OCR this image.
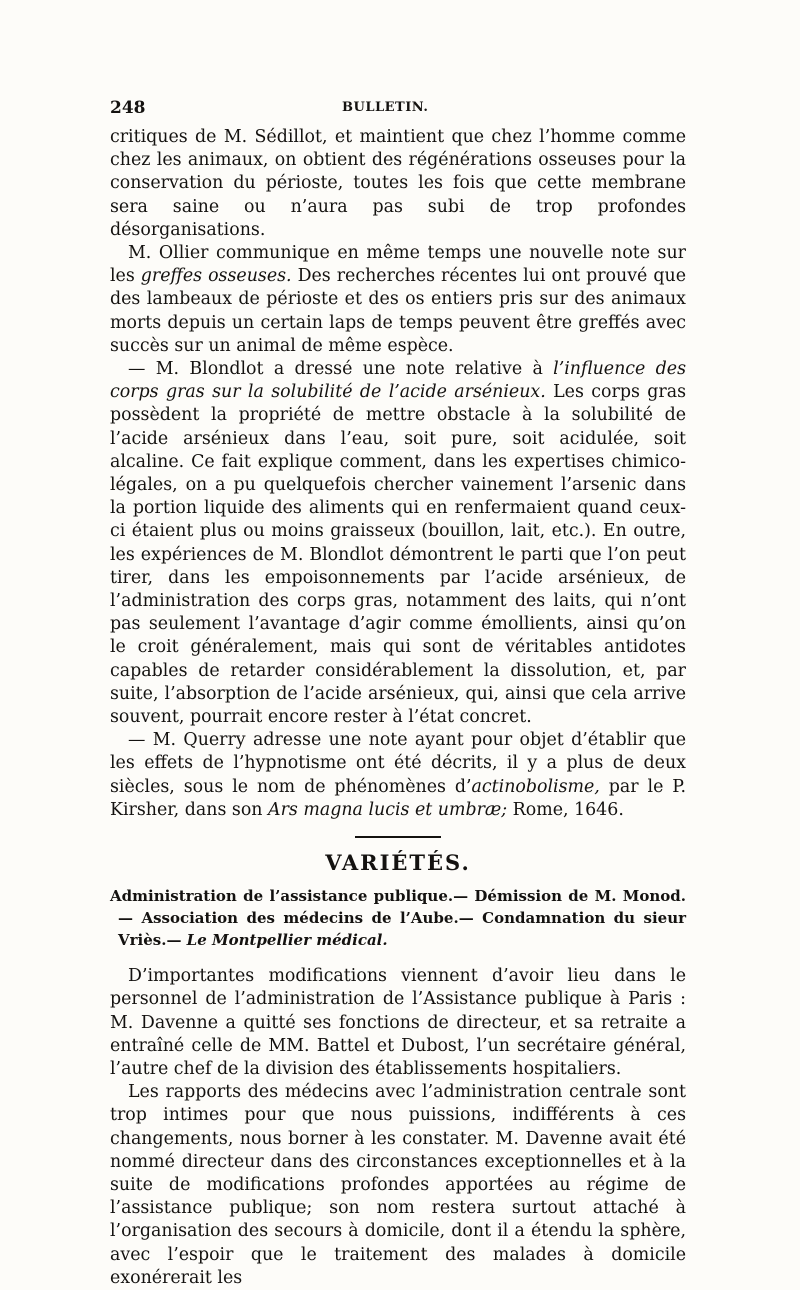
248	BULLETIN.

critiques de M. Sédillot, et maintient que chez l’homme comme chez les animaux, on obtient des régénérations osseuses pour la conservation du périoste, toutes les fois que cette membrane sera saine ou n’aura pas subi de trop profondes désorganisations.

M. Ollier communique en même temps une nouvelle note sur les greffes osseuses. Des recherches récentes lui ont prouvé que des lambeaux de périoste et des os entiers pris sur des animaux morts depuis un certain laps de temps peuvent être greffés avec succès sur un animal de même espèce.

— M. Blondlot a dressé une note relative à l’influence des corps gras sur la solubilité de l’acide arsénieux. Les corps gras possèdent la propriété de mettre obstacle à la solubilité de l’acide arsénieux dans l’eau, soit pure, soit acidulée, soit alcaline. Ce fait explique comment, dans les expertises chimico-légales, on a pu quelquefois chercher vainement l’arsenic dans la portion liquide des aliments qui en renfermaient quand ceux-ci étaient plus ou moins graisseux (bouillon, lait, etc.). En outre, les expériences de M. Blondlot démontrent le parti que l’on peut tirer, dans les empoisonnements par l’acide arsénieux, de l’administration des corps gras, notamment des laits, qui n’ont pas seulement l’avantage d’agir comme émollients, ainsi qu’on le croit généralement, mais qui sont de véritables antidotes capables de retarder considérablement la dissolution, et, par suite, l’absorption de l’acide arsénieux, qui, ainsi que cela arrive souvent, pourrait encore rester à l’état concret.

— M. Querry adresse une note ayant pour objet d’établir que les effets de l’hypnotisme ont été décrits, il y a plus de deux siècles, sous le nom de phénomènes d’actinobolisme, par le P. Kirsher, dans son Ars magna lucis et umbræ; Rome, 1646.

VARIÉTÉS.
Administration de l’assistance publique.— Démission de M. Monod.— Association des médecins de l’Aube.— Condamnation du sieur Vriès.— Le Montpellier médical.

D’importantes modifications viennent d’avoir lieu dans le personnel de l’administration de l’Assistance publique à Paris : M. Davenne a quitté ses fonctions de directeur, et sa retraite a entraîné celle de MM. Battel et Dubost, l’un secrétaire général, l’autre chef de la division des établissements hospitaliers.

Les rapports des médecins avec l’administration centrale sont trop intimes pour que nous puissions, indifférents à ces changements, nous borner à les constater. M. Davenne avait été nommé directeur dans des circonstances exceptionnelles et à la suite de modifications profondes apportées au régime de l’assistance publique; son nom restera surtout attaché à l’organisation des secours à domicile, dont il a étendu la sphère, avec l’espoir que le traitement des malades à domicile exonérerait les
